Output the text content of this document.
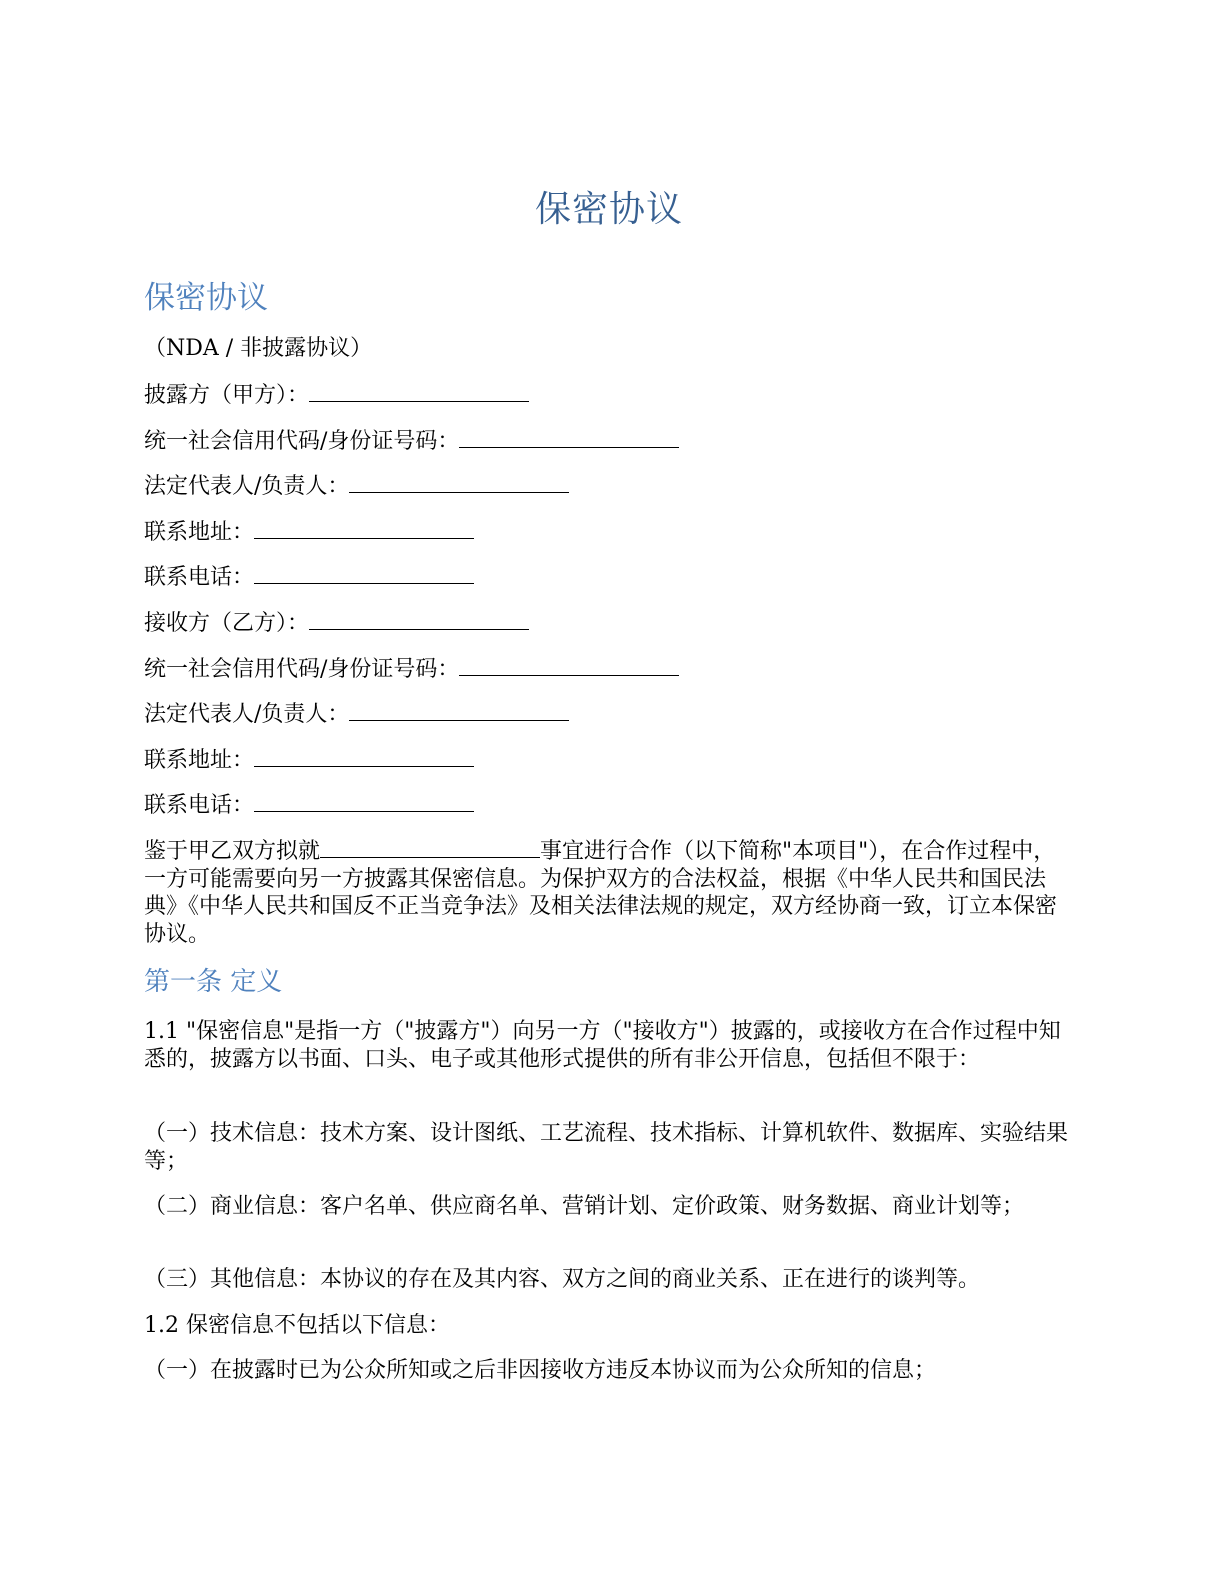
保密协议
保密协议
（NDA / 非披露协议）
披露方（甲方）：
统一社会信用代码/身份证号码：
法定代表人/负责人：
联系地址：
联系电话：
接收方（乙方）：
统一社会信用代码/身份证号码：
法定代表人/负责人：
联系地址：
联系电话：
鉴于甲乙双方拟就	事宜进行合作（以下简称"本项目"），在合作过程中，一方可能需要向另一方披露其保密信息。为保护双方的合法权益，根据《中华人民共和国民法典》《中华人民共和国反不正当竞争法》及相关法律法规的规定，双方经协商一致，订立本保密协议。
第一条 定义
1.1 "保密信息"是指一方（"披露方"）向另一方（"接收方"）披露的，或接收方在合作过程中知悉的，披露方以书面、口头、电子或其他形式提供的所有非公开信息，包括但不限于：
（一）技术信息：技术方案、设计图纸、工艺流程、技术指标、计算机软件、数据库、实验结果等；
（二）商业信息：客户名单、供应商名单、营销计划、定价政策、财务数据、商业计划等；
（三）其他信息：本协议的存在及其内容、双方之间的商业关系、正在进行的谈判等。
1.2 保密信息不包括以下信息：
（一）在披露时已为公众所知或之后非因接收方违反本协议而为公众所知的信息；
